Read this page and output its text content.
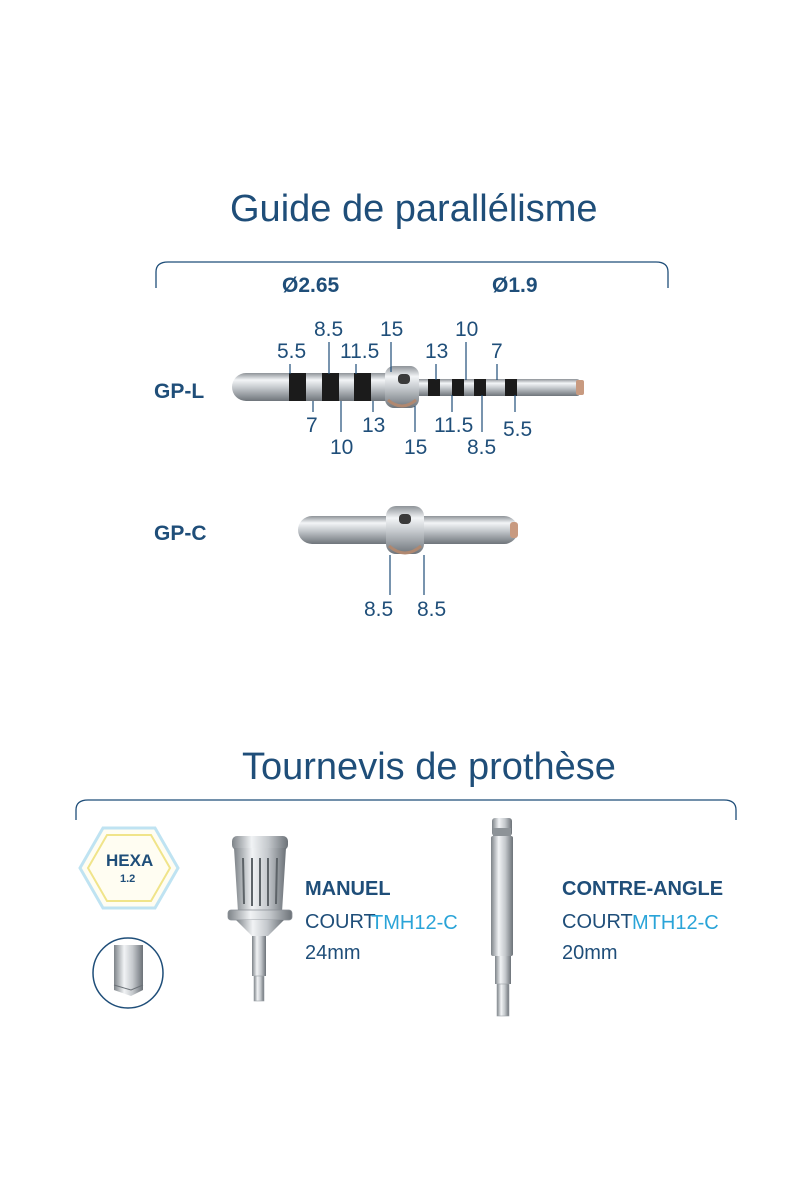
Guide de parallélisme
Ø2.65	Ø1.9
GP-L
5.5
8.5
11.5
15
13
10
7
7
10
13
15
11.5
8.5
5.5
GP-C
8.5 8.5
Tournevis de prothèse
HEXA
1.2	MANUEL
COURT
TMH12-C
24mm
CONTRE-ANGLE
COURT MTH12-C
20mm
